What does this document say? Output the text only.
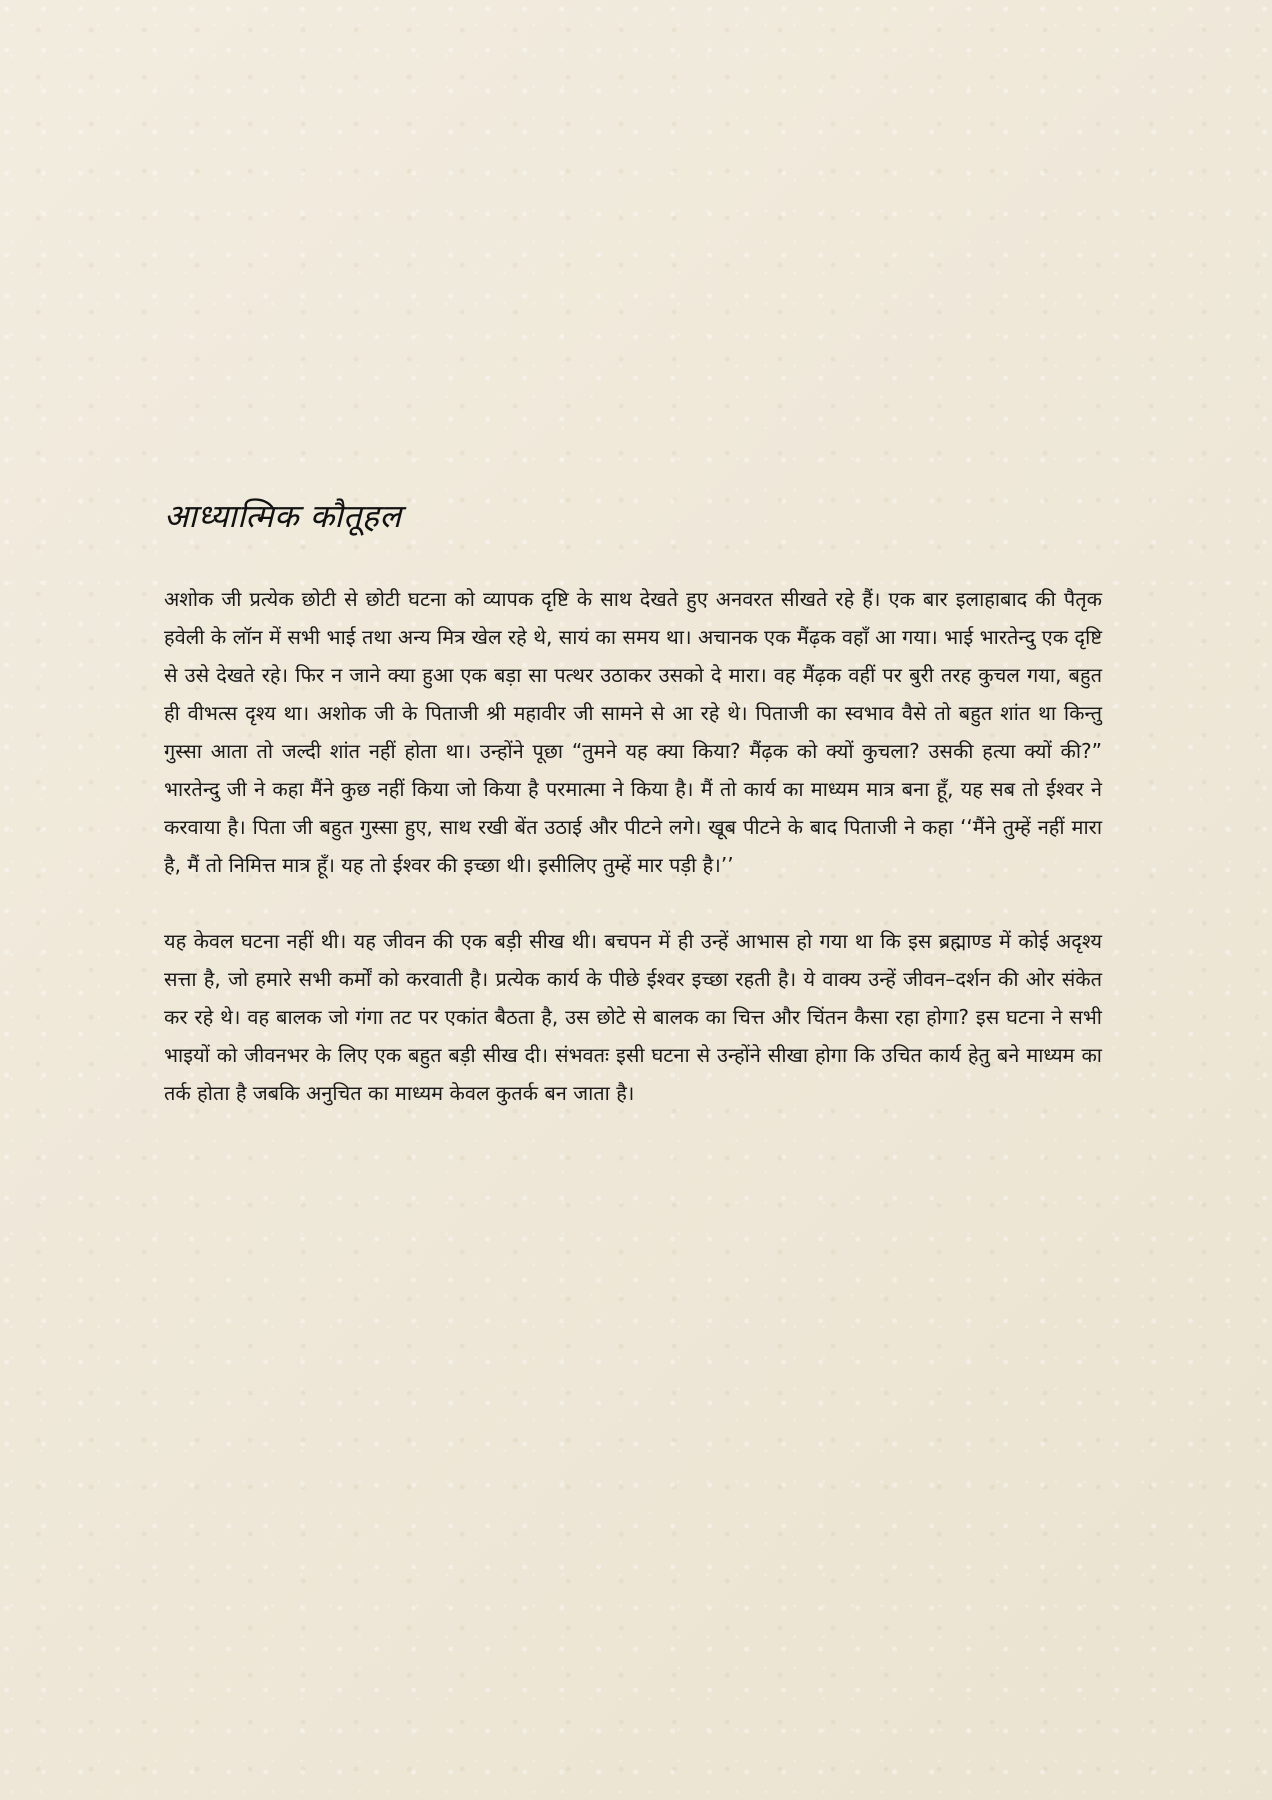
आध्यात्मिक कौतूहल

अशोक जी प्रत्येक छोटी से छोटी घटना को व्यापक दृष्टि के साथ देखते हुए अनवरत सीखते रहे हैं। एक बार इलाहाबाद की पैतृक हवेली के लॉन में सभी भाई तथा अन्य मित्र खेल रहे थे, सायं का समय था। अचानक एक मैंढ़क वहाँ आ गया। भाई भारतेन्दु एक दृष्टि से उसे देखते रहे। फिर न जाने क्या हुआ एक बड़ा सा पत्थर उठाकर उसको दे मारा। वह मैंढ़क वहीं पर बुरी तरह कुचल गया, बहुत ही वीभत्स दृश्य था। अशोक जी के पिताजी श्री महावीर जी सामने से आ रहे थे। पिताजी का स्वभाव वैसे तो बहुत शांत था किन्तु गुस्सा आता तो जल्दी शांत नहीं होता था। उन्होंने पूछा “तुमने यह क्या किया? मैंढ़क को क्यों कुचला? उसकी हत्या क्यों की?” भारतेन्दु जी ने कहा मैंने कुछ नहीं किया जो किया है परमात्मा ने किया है। मैं तो कार्य का माध्यम मात्र बना हूँ, यह सब तो ईश्वर ने करवाया है। पिता जी बहुत गुस्सा हुए, साथ रखी बेंत उठाई और पीटने लगे। खूब पीटने के बाद पिताजी ने कहा ‘‘मैंने तुम्हें नहीं मारा है, मैं तो निमित्त मात्र हूँ। यह तो ईश्वर की इच्छा थी। इसीलिए तुम्हें मार पड़ी है।’’

यह केवल घटना नहीं थी। यह जीवन की एक बड़ी सीख थी। बचपन में ही उन्हें आभास हो गया था कि इस ब्रह्माण्ड में कोई अदृश्य सत्ता है, जो हमारे सभी कर्मों को करवाती है। प्रत्येक कार्य के पीछे ईश्वर इच्छा रहती है। ये वाक्य उन्हें जीवन–दर्शन की ओर संकेत कर रहे थे। वह बालक जो गंगा तट पर एकांत बैठता है, उस छोटे से बालक का चित्त और चिंतन कैसा रहा होगा? इस घटना ने सभी भाइयों को जीवनभर के लिए एक बहुत बड़ी सीख दी। संभवतः इसी घटना से उन्होंने सीखा होगा कि उचित कार्य हेतु बने माध्यम का तर्क होता है जबकि अनुचित का माध्यम केवल कुतर्क बन जाता है।
